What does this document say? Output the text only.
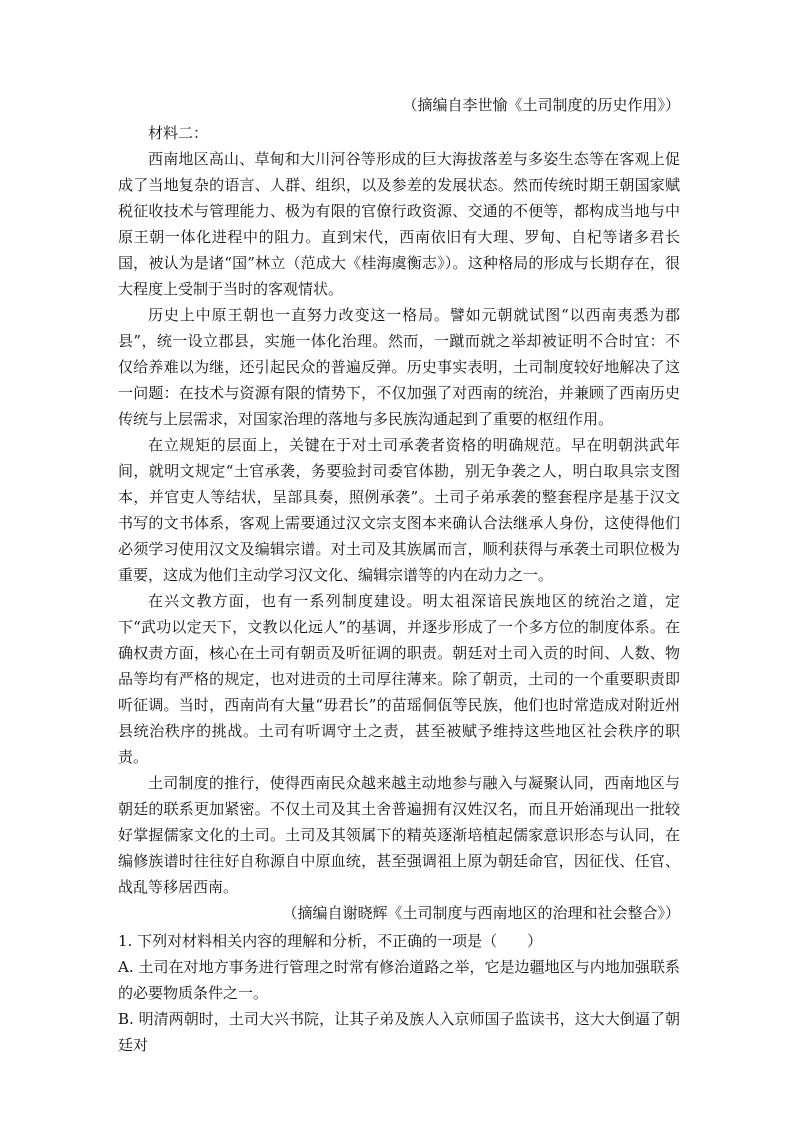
（摘编自李世愉《土司制度的历史作用》）
材料二：
西南地区高山、草甸和大川河谷等形成的巨大海拔落差与多姿生态等在客观上促成了当地复杂的语言、人群、组织，以及参差的发展状态。然而传统时期王朝国家赋税征收技术与管理能力、极为有限的官僚行政资源、交通的不便等，都构成当地与中原王朝一体化进程中的阻力。直到宋代，西南依旧有大理、罗甸、自杞等诸多君长国，被认为是诸“国”林立（范成大《桂海虞衡志》）。这种格局的形成与长期存在，很大程度上受制于当时的客观情状。
历史上中原王朝也一直努力改变这一格局。譬如元朝就试图“以西南夷悉为郡县”，统一设立郡县，实施一体化治理。然而，一蹴而就之举却被证明不合时宜：不仅给养难以为继，还引起民众的普遍反弹。历史事实表明，土司制度较好地解决了这一问题：在技术与资源有限的情势下，不仅加强了对西南的统治，并兼顾了西南历史传统与上层需求，对国家治理的落地与多民族沟通起到了重要的枢纽作用。
在立规矩的层面上，关键在于对土司承袭者资格的明确规范。早在明朝洪武年间，就明文规定“土官承袭，务要验封司委官体勘，别无争袭之人，明白取具宗支图本，并官吏人等结状，呈部具奏，照例承袭”。土司子弟承袭的整套程序是基于汉文书写的文书体系，客观上需要通过汉文宗支图本来确认合法继承人身份，这使得他们必须学习使用汉文及编辑宗谱。对土司及其族属而言，顺利获得与承袭土司职位极为重要，这成为他们主动学习汉文化、编辑宗谱等的内在动力之一。
在兴文教方面，也有一系列制度建设。明太祖深谙民族地区的统治之道，定下“武功以定天下，文教以化远人”的基调，并逐步形成了一个多方位的制度体系。在确权责方面，核心在土司有朝贡及听征调的职责。朝廷对土司入贡的时间、人数、物品等均有严格的规定，也对进贡的土司厚往薄来。除了朝贡，土司的一个重要职责即听征调。当时，西南尚有大量“毋君长”的苗瑶侗佤等民族，他们也时常造成对附近州县统治秩序的挑战。土司有听调守土之责，甚至被赋予维持这些地区社会秩序的职责。
土司制度的推行，使得西南民众越来越主动地参与融入与凝聚认同，西南地区与朝廷的联系更加紧密。不仅土司及其土舍普遍拥有汉姓汉名，而且开始涌现出一批较好掌握儒家文化的土司。土司及其领属下的精英逐渐培植起儒家意识形态与认同，在编修族谱时往往好自称源自中原血统，甚至强调祖上原为朝廷命官，因征伐、任官、战乱等移居西南。
（摘编自谢晓辉《土司制度与西南地区的治理和社会整合》）
1. 下列对材料相关内容的理解和分析，不正确的一项是（　　）
A. 土司在对地方事务进行管理之时常有修治道路之举，它是边疆地区与内地加强联系的必要物质条件之一。
B. 明清两朝时，土司大兴书院，让其子弟及族人入京师国子监读书，这大大倒逼了朝廷对
